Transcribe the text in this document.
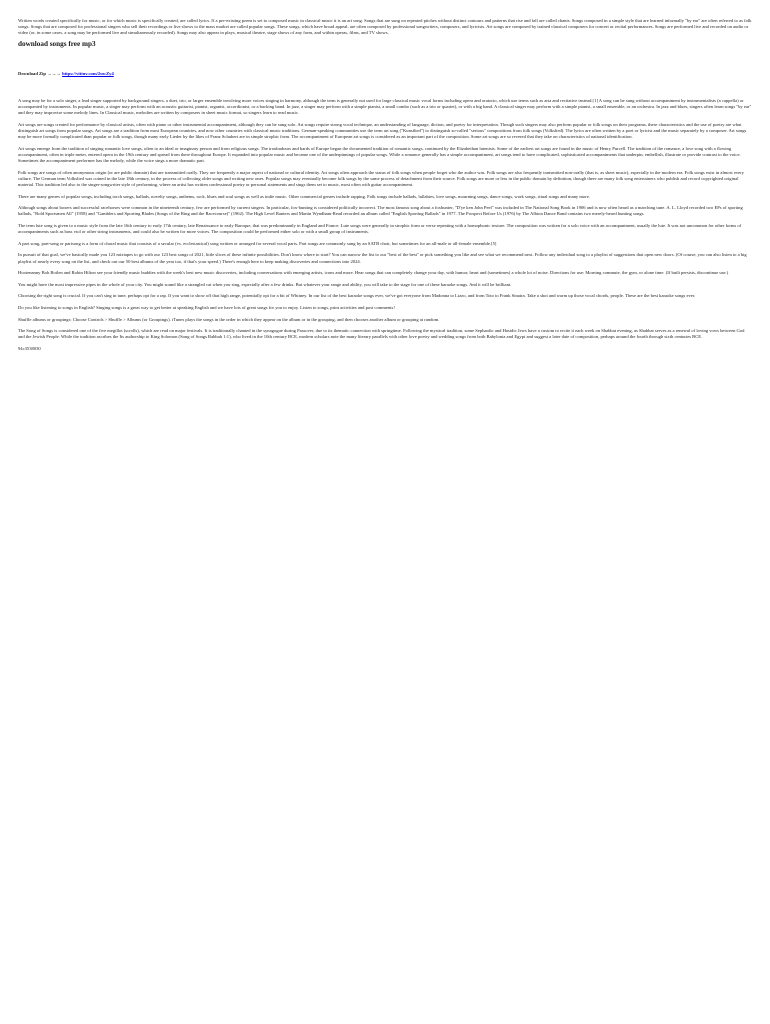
Written words created specifically for music, or for which music is specifically created, are called lyrics. If a pre-existing poem is set to composed music in classical music it is an art song. Songs that are sung on repeated pitches without distinct contours and patterns that rise and fall are called chants. Songs composed in a simple style that are learned informally "by ear" are often referred to as folk songs. Songs that are composed for professional singers who sell their recordings or live shows to the mass market are called popular songs. These songs, which have broad appeal, are often composed by professional songwriters, composers, and lyricists. Art songs are composed by trained classical composers for concert or recital performances. Songs are performed live and recorded on audio or video (or, in some cases, a song may be performed live and simultaneously recorded). Songs may also appear in plays, musical theatre, stage shows of any form, and within operas, films, and TV shows.

download songs free mp3
Download Zip →→→ https://vittuv.com/2uwZy4

A song may be for a solo singer, a lead singer supported by background singers, a duet, trio, or larger ensemble involving more voices singing in harmony, although the term is generally not used for large classical music vocal forms including opera and oratorio, which use terms such as aria and recitative instead.[1] A song can be sung without accompaniment by instrumentalists (a cappella) or accompanied by instruments. In popular music, a singer may perform with an acoustic guitarist, pianist, organist, accordionist, or a backing band. In jazz, a singer may perform with a simple pianist, a small combo (such as a trio or quartet), or with a big band. A classical singer may perform with a simple pianist, a small ensemble, or an orchestra. In jazz and blues, singers often learn songs "by ear" and they may improvise some melody lines. In Classical music, melodies are written by composers in sheet music format, so singers learn to read music.

Art songs are songs created for performance by classical artists, often with piano or other instrumental accompaniment, although they can be sung solo. Art songs require strong vocal technique, an understanding of language, diction, and poetry for interpretation. Though such singers may also perform popular or folk songs on their programs, these characteristics and the use of poetry are what distinguish art songs from popular songs. Art songs are a tradition from most European countries, and now other countries with classical music traditions. German-speaking communities use the term art song ("Kunstlied") to distinguish so-called "serious" compositions from folk songs (Volkslied). The lyrics are often written by a poet or lyricist and the music separately by a composer. Art songs may be more formally complicated than popular or folk songs, though many early Lieder by the likes of Franz Schubert are in simple strophic form. The accompaniment of European art songs is considered as an important part of the composition. Some art songs are so revered that they take on characteristics of national identification.

Art songs emerge from the tradition of singing romantic love songs, often to an ideal or imaginary person and from religious songs. The troubadours and bards of Europe began the documented tradition of romantic songs, continued by the Elizabethan lutenists. Some of the earliest art songs are found in the music of Henry Purcell. The tradition of the romance, a love song with a flowing accompaniment, often in triple meter, entered opera in the 19th century and spread from there throughout Europe. It expanded into popular music and became one of the underpinnings of popular songs. While a romance generally has a simple accompaniment, art songs tend to have complicated, sophisticated accompaniments that underpin, embellish, illustrate or provide contrast to the voice. Sometimes the accompaniment performer has the melody, while the voice sings a more dramatic part.

Folk songs are songs of often anonymous origin (or are public domain) that are transmitted orally. They are frequently a major aspect of national or cultural identity. Art songs often approach the status of folk songs when people forget who the author was. Folk songs are also frequently transmitted non-orally (that is, as sheet music), especially in the modern era. Folk songs exist in almost every culture. The German term Volkslied was coined in the late 18th century, in the process of collecting older songs and writing new ones. Popular songs may eventually become folk songs by the same process of detachment from their source. Folk songs are more or less in the public domain by definition, though there are many folk song entertainers who publish and record copyrighted original material. This tradition led also to the singer-songwriter style of performing, where an artist has written confessional poetry or personal statements and sings them set to music, most often with guitar accompaniment.

There are many genres of popular songs, including torch songs, ballads, novelty songs, anthems, rock, blues and soul songs as well as indie music. Other commercial genres include rapping. Folk songs include ballads, lullabies, love songs, mourning songs, dance songs, work songs, ritual songs and many more.

Although songs about boxers and successful racehorses were common in the nineteenth century, few are performed by current singers. In particular, fox-hunting is considered politically incorrect. The most famous song about a foxhunter, "D'ye ken John Peel" was included in The National Song Book in 1906 and is now often heard as a marching tune. A. L. Lloyd recorded two EPs of sporting ballads, "Bold Sportsmen All" (1958) and "Gamblers and Sporting Blades (Songs of the Ring and the Racecourse)" (1962). The High Level Ranters and Martin Wyndham-Read recorded an album called "English Sporting Ballads" in 1977. The Prospect Before Us (1976) by The Albion Dance Band contains two merely-heard hunting songs.

The term lute song is given to a music style from the late 16th century to early 17th century, late Renaissance to early Baroque, that was predominantly in England and France. Lute songs were generally in strophic form or verse repeating with a homophonic texture. The composition was written for a solo voice with an accompaniment, usually the lute. It was not uncommon for other forms of accompaniments such as bass viol or other string instruments, and could also be written for more voices. The composition could be performed either solo or with a small group of instruments.

A part song, part-song or partsong is a form of choral music that consists of a secular (vs. ecclesiastical) song written or arranged for several vocal parts. Part songs are commonly sung by an SATB choir, but sometimes for an all-male or all-female ensemble.[5]

In pursuit of that goal, we've basically made you 123 mixtapes to go with our 123 best songs of 2021, little slices of these infinite possibilities. Don't know where to start? You can narrow the list to our "best of the best" or pick something you like and see what we recommend next. Follow any individual song to a playlist of suggestions that open new doors. (Of course, you can also listen to a big playlist of nearly every song on the list, and check out our 50 best albums of the year too, if that's your speed.) There's enough here to keep making discoveries and connections into 2024.

Hootenanny Bob Boilen and Robin Hilton see your friendly music buddies with the week's best new music discoveries, including conversations with emerging artists, icons and more. Hear songs that can completely change your day, with humor, heart and (sometimes) a whole lot of noise. Directions for use: Morning commute, the gym, or alone time. (If built persists, discontinue use.)

You might have the most impressive pipes in the whole of your city. You might sound like a strangled cat when you sing, especially after a few drinks. But whatever your range and ability, you will take to the stage for one of these karaoke songs. And it will be brilliant.

Choosing the right song is crucial. If you can't sing in tune, perhaps opt for a rap. If you want to show off that high range, potentially opt for a bit of Whitney. In our list of the best karaoke songs ever, we've got everyone from Madonna to Lizzo, and from Toto to Frank Sinatra. Take a shot and warm up those vocal chords, people. These are the best karaoke songs ever.

Do you like listening to songs in English? Singing songs is a great way to get better at speaking English and we have lots of great songs for you to enjoy. Listen to songs, print activities and post comments!

Shuffle albums or groupings: Choose Controls > Shuffle > Albums (or Groupings). iTunes plays the songs in the order in which they appear on the album or in the grouping, and then chooses another album or grouping at random.

The Song of Songs is considered one of the five megillot (scrolls), which are read on major festivals. It is traditionally chanted in the synagogue during Passover, due to its thematic connection with springtime. Following the mystical tradition, some Sephardic and Hasidic Jews have a custom to recite it each week on Shabbat evening, as Shabbat serves as a renewal of loving vows between God and the Jewish People. While the tradition ascribes the Its authorship to King Solomon (Song of Songs Rabbah 1:1), who lived in the 10th century BCE, modern scholars note the many literary parallels with other love poetry and wedding songs from both Babylonia and Egypt and suggest a later date of composition, perhaps around the fourth through sixth centuries BCE.

94c3538030
